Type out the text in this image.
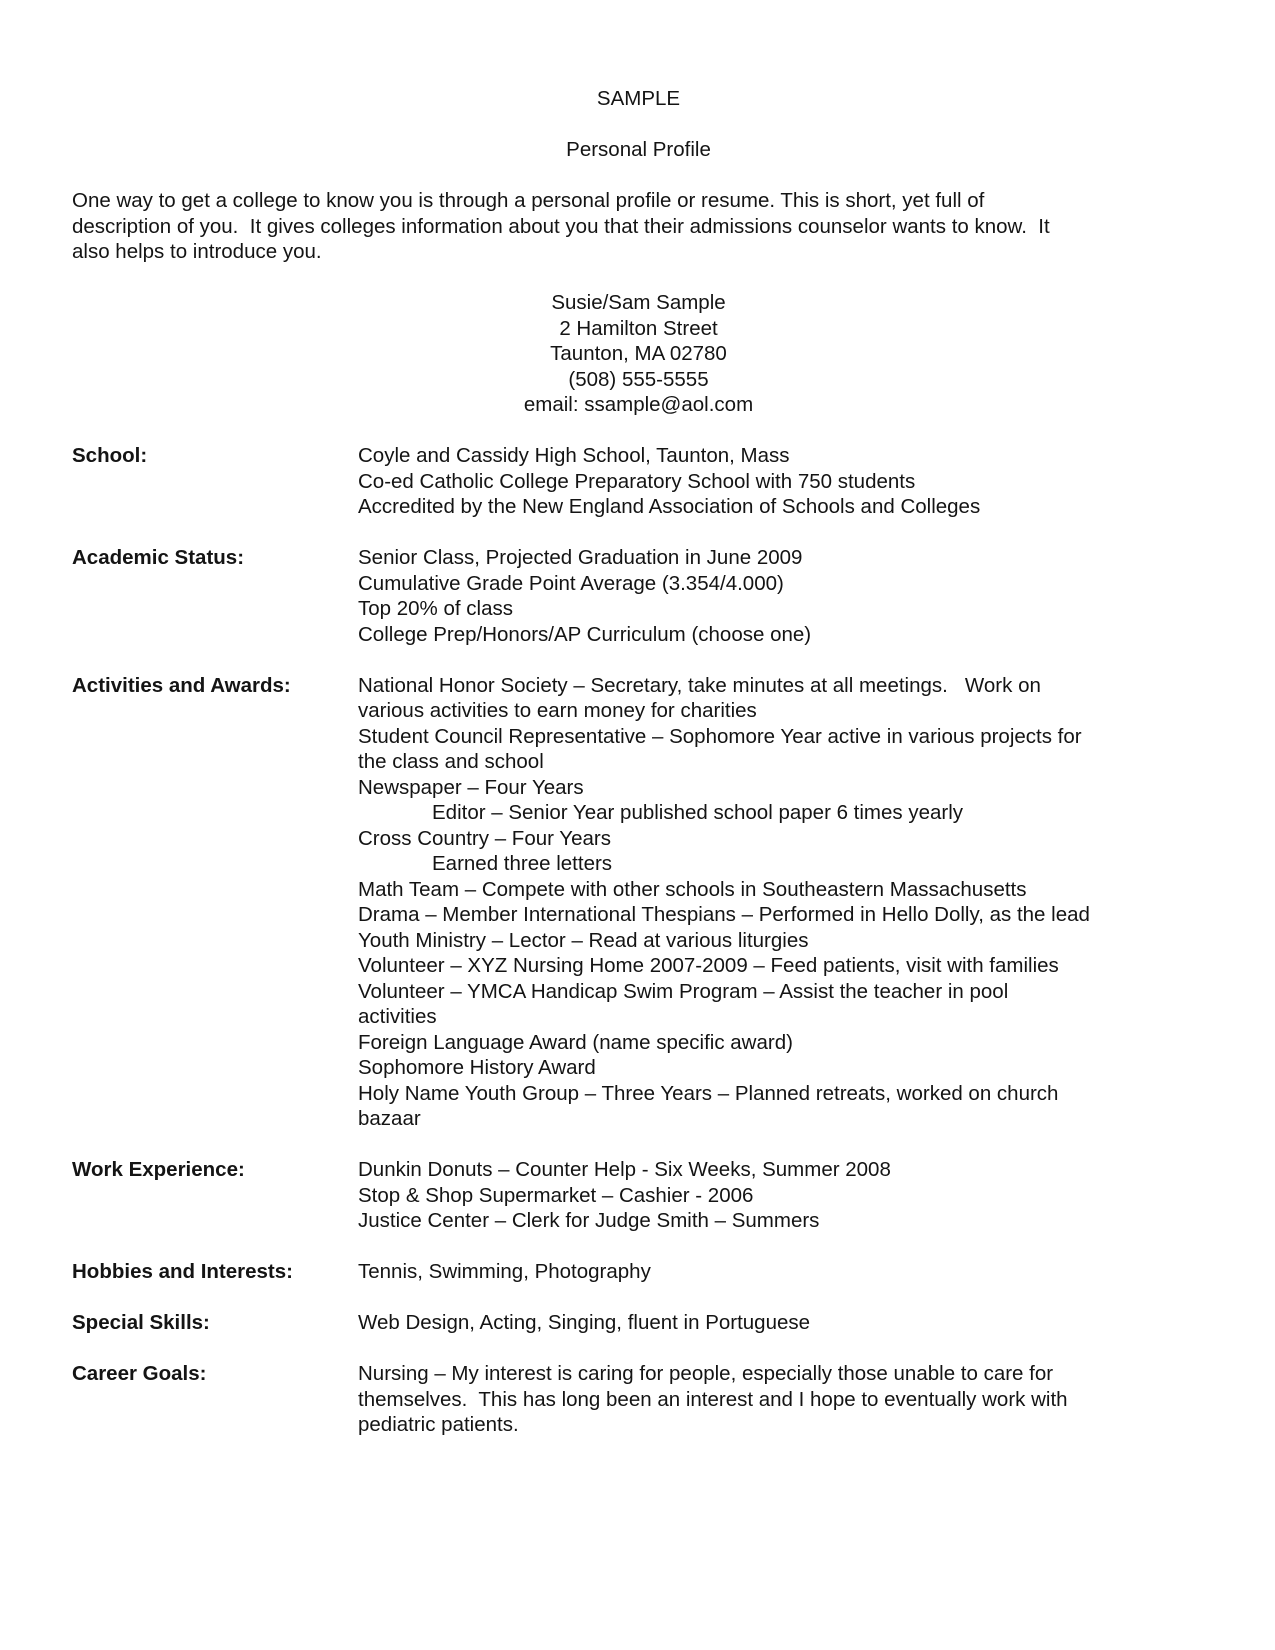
SAMPLE
Personal Profile
One way to get a college to know you is through a personal profile or resume. This is short, yet full of
description of you.  It gives colleges information about you that their admissions counselor wants to know.  It
also helps to introduce you.
Susie/Sam Sample
2 Hamilton Street
Taunton, MA 02780
(508) 555-5555
email: ssample@aol.com
School:	Coyle and Cassidy High School, Taunton, Mass
Co-ed Catholic College Preparatory School with 750 students
Accredited by the New England Association of Schools and Colleges
Academic Status:	Senior Class, Projected Graduation in June 2009
Cumulative Grade Point Average (3.354/4.000)
Top 20% of class
College Prep/Honors/AP Curriculum (choose one)
Activities and Awards:	National Honor Society – Secretary, take minutes at all meetings.   Work on
various activities to earn money for charities
Student Council Representative – Sophomore Year active in various projects for
the class and school
Newspaper – Four Years
Editor – Senior Year published school paper 6 times yearly
Cross Country – Four Years
Earned three letters
Math Team – Compete with other schools in Southeastern Massachusetts
Drama – Member International Thespians – Performed in Hello Dolly, as the lead
Youth Ministry – Lector – Read at various liturgies
Volunteer – XYZ Nursing Home 2007-2009 – Feed patients, visit with families
Volunteer – YMCA Handicap Swim Program – Assist the teacher in pool
activities
Foreign Language Award (name specific award)
Sophomore History Award
Holy Name Youth Group – Three Years – Planned retreats, worked on church
bazaar
Work Experience:	Dunkin Donuts – Counter Help - Six Weeks, Summer 2008
Stop & Shop Supermarket – Cashier - 2006
Justice Center – Clerk for Judge Smith – Summers
Hobbies and Interests:	Tennis, Swimming, Photography
Special Skills:	Web Design, Acting, Singing, fluent in Portuguese
Career Goals:	Nursing – My interest is caring for people, especially those unable to care for
themselves.  This has long been an interest and I hope to eventually work with
pediatric patients.
